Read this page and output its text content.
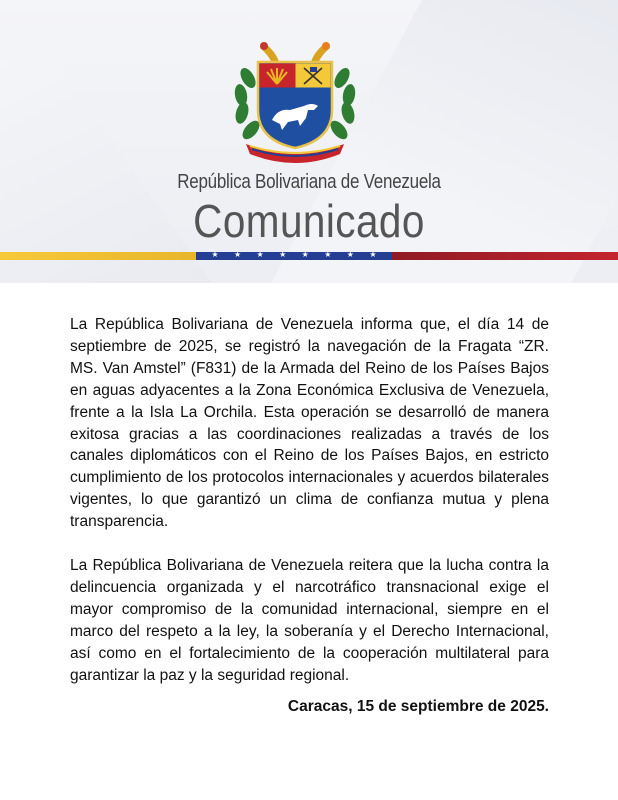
República Bolivariana de Venezuela
Comunicado
★ ★ ★ ★ ★ ★ ★ ★

La República Bolivariana de Venezuela informa que, el día 14 de septiembre de 2025, se registró la navegación de la Fragata “ZR. MS. Van Amstel” (F831) de la Armada del Reino de los Países Bajos en aguas adyacentes a la Zona Económica Exclusiva de Venezuela, frente a la Isla La Orchila. Esta operación se desarrolló de manera exitosa gracias a las coordinaciones realizadas a través de los canales diplomáticos con el Reino de los Países Bajos, en estricto cumplimiento de los protocolos internacionales y acuerdos bilaterales vigentes, lo que garantizó un clima de confianza mutua y plena transparencia.

La República Bolivariana de Venezuela reitera que la lucha contra la delincuencia organizada y el narcotráfico transnacional exige el mayor compromiso de la comunidad internacional, siempre en el marco del respeto a la ley, la soberanía y el Derecho Internacional, así como en el fortalecimiento de la cooperación multilateral para garantizar la paz y la seguridad regional.

Caracas, 15 de septiembre de 2025.
